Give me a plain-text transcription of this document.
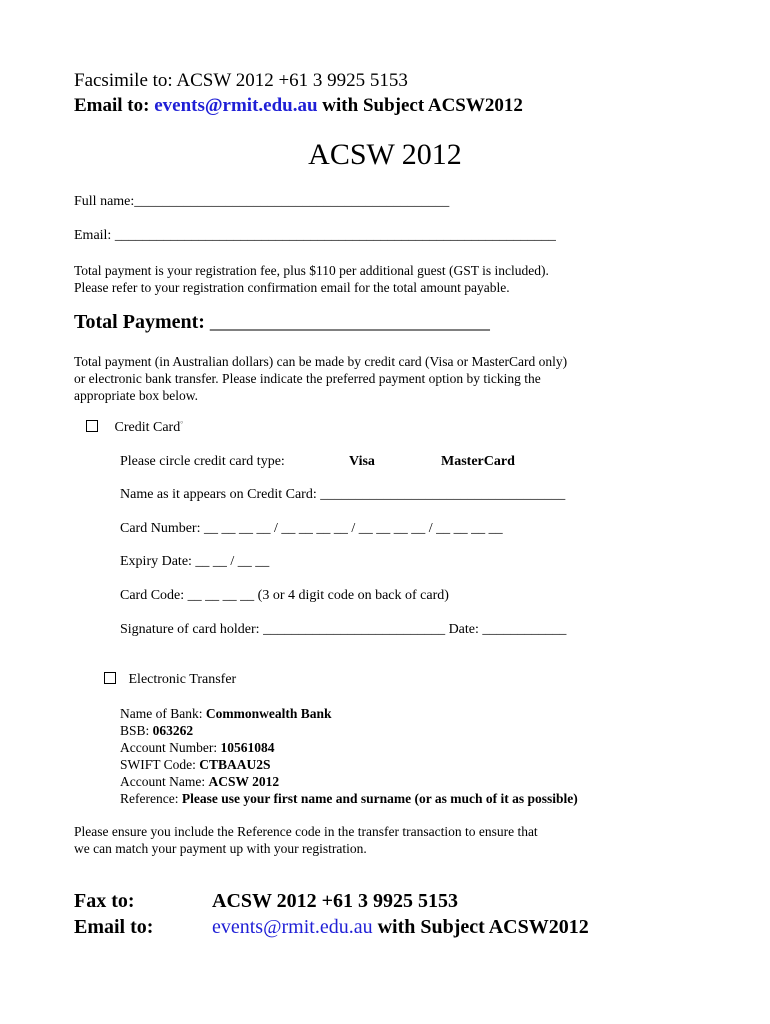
Facsimile to: ACSW 2012 +61 3 9925 5153
Email to: events@rmit.edu.au with Subject ACSW2012
ACSW 2012
Full name:_____________________________________________
Email: _______________________________________________________________
Total payment is your registration fee, plus $110 per additional guest (GST is included).
Please refer to your registration confirmation email for the total amount payable.
Total Payment: ____________________________
Total payment (in Australian dollars) can be made by credit card (Visa or MasterCard only)
or electronic bank transfer. Please indicate the preferred payment option by ticking the
appropriate box below.
Credit Card°
Please circle credit card type:	Visa	MasterCard
Name as it appears on Credit Card: ___________________________________
Card Number: __ __ __ __ / __ __ __ __ / __ __ __ __ / __ __ __ __
Expiry Date: __ __ / __ __
Card Code: __ __ __ __ (3 or 4 digit code on back of card)
Signature of card holder: __________________________ Date: ____________
Electronic Transfer
Name of Bank: Commonwealth Bank
BSB: 063262
Account Number: 10561084
SWIFT Code: CTBAAU2S
Account Name: ACSW 2012
Reference: Please use your first name and surname (or as much of it as possible)
Please ensure you include the Reference code in the transfer transaction to ensure that
we can match your payment up with your registration.
Fax to:	ACSW 2012 +61 3 9925 5153
Email to:	events@rmit.edu.au with Subject ACSW2012
